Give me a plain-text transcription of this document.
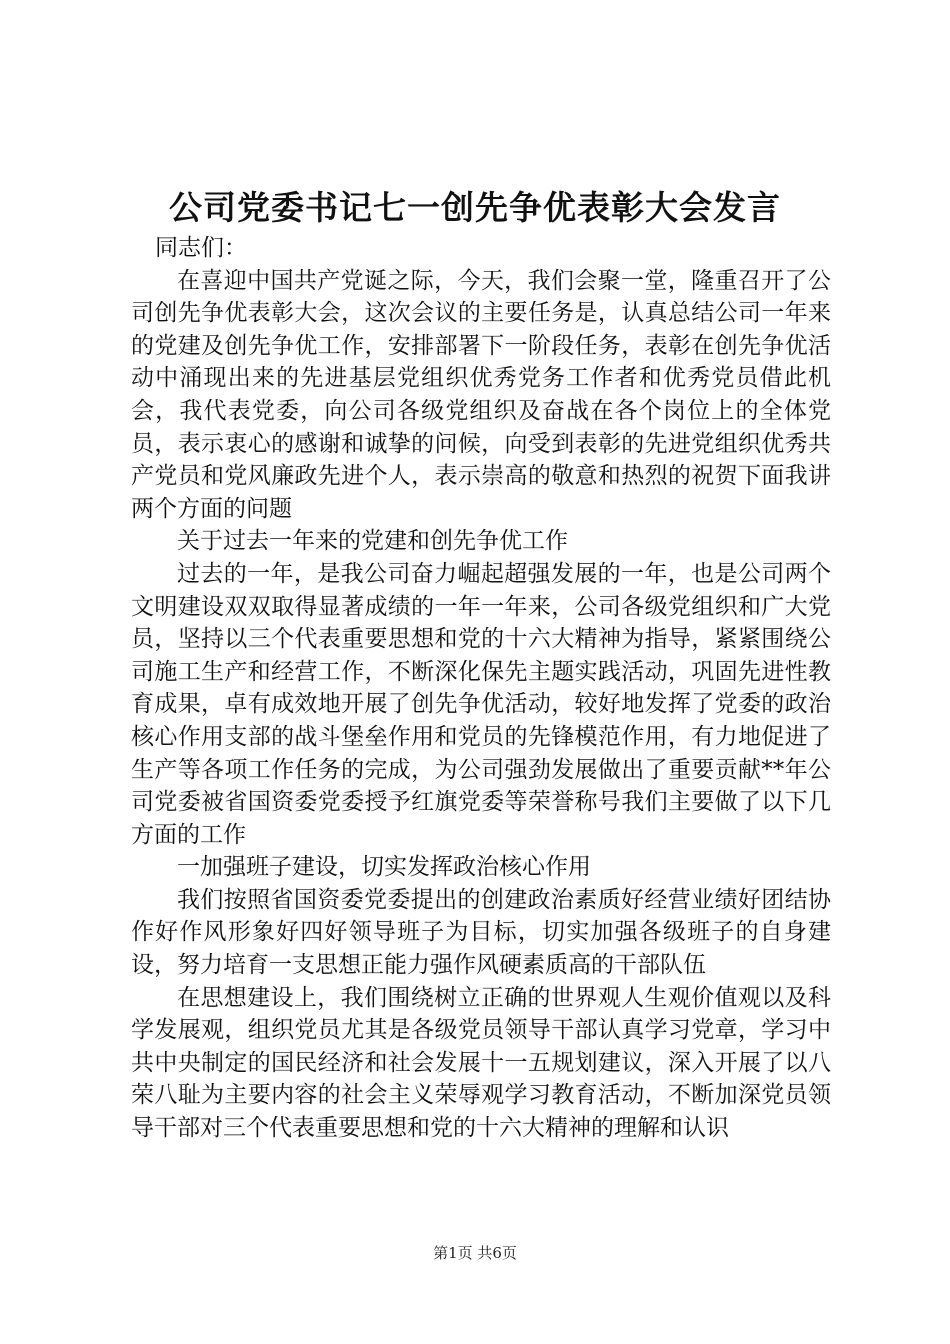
公司党委书记七一创先争优表彰大会发言

同志们：

在喜迎中国共产党诞之际，今天，我们会聚一堂，隆重召开了公司创先争优表彰大会，这次会议的主要任务是，认真总结公司一年来的党建及创先争优工作，安排部署下一阶段任务，表彰在创先争优活动中涌现出来的先进基层党组织优秀党务工作者和优秀党员借此机会，我代表党委，向公司各级党组织及奋战在各个岗位上的全体党员，表示衷心的感谢和诚挚的问候，向受到表彰的先进党组织优秀共产党员和党风廉政先进个人，表示崇高的敬意和热烈的祝贺下面我讲两个方面的问题

关于过去一年来的党建和创先争优工作

过去的一年，是我公司奋力崛起超强发展的一年，也是公司两个文明建设双双取得显著成绩的一年一年来，公司各级党组织和广大党员，坚持以三个代表重要思想和党的十六大精神为指导，紧紧围绕公司施工生产和经营工作，不断深化保先主题实践活动，巩固先进性教育成果，卓有成效地开展了创先争优活动，较好地发挥了党委的政治核心作用支部的战斗堡垒作用和党员的先锋模范作用，有力地促进了生产等各项工作任务的完成，为公司强劲发展做出了重要贡献**年公司党委被省国资委党委授予红旗党委等荣誉称号我们主要做了以下几方面的工作

一加强班子建设，切实发挥政治核心作用

我们按照省国资委党委提出的创建政治素质好经营业绩好团结协作好作风形象好四好领导班子为目标，切实加强各级班子的自身建设，努力培育一支思想正能力强作风硬素质高的干部队伍

在思想建设上，我们围绕树立正确的世界观人生观价值观以及科学发展观，组织党员尤其是各级党员领导干部认真学习党章，学习中共中央制定的国民经济和社会发展十一五规划建议，深入开展了以八荣八耻为主要内容的社会主义荣辱观学习教育活动，不断加深党员领导干部对三个代表重要思想和党的十六大精神的理解和认识

第1页 共6页
